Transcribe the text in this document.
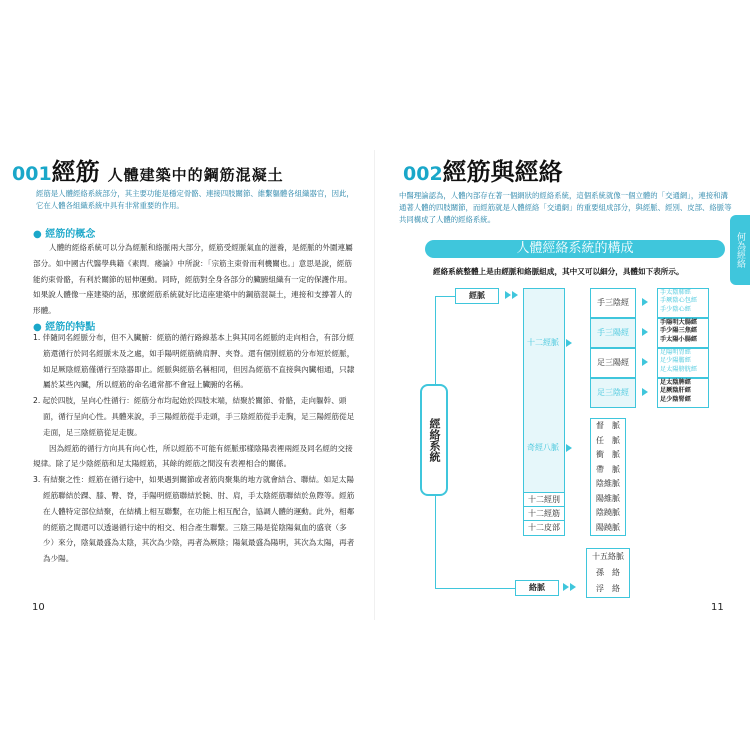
001 經筋 人體建築中的鋼筋混凝土
經筋是人體經絡系統部分，其主要功能是穩定骨骼、連接四肢關節、維繫軀體各組織器官，因此，它在人體各組織系統中具有非常重要的作用。
● 經筋的概念
人體的經絡系統可以分為經脈和絡脈兩大部分，經筋受經脈氣血的滋養，是經脈的外圍連屬部分。如中國古代醫學典籍《素問．痿論》中所說：「宗筋主束骨而利機關也。」意思是說，經筋能約束骨骼，有利於關節的屈伸運動。同時，經筋對全身各部分的臟腑組織有一定的保護作用。如果說人體像一座建築的話，那麼經筋系統就好比這座建築中的鋼筋混凝土，連接和支撐著人的形體。
● 經筋的特點
1. 伴隨同名經脈分布，但不入臟腑：經筋的循行路線基本上與其同名經脈的走向相合，有部分經筋還循行於同名經脈未及之處，如手陽明經筋繞肩胛、夾脊。還有個別經筋的分布短於經脈，如足厥陰經筋僅循行至陰器即止。經脈與經筋名稱相同，但因為經筋不直接與內臟相通，只隸屬於某些內臟，所以經筋的命名通常都不會冠上臟腑的名稱。
2. 起於四肢，呈向心性循行：經筋分布均起始於四肢末端，結聚於關節、骨骼，走向軀幹、頭面，循行呈向心性。具體來說，手三陽經筋從手走頭，手三陰經筋從手走胸，足三陽經筋從足走面，足三陰經筋從足走腹。
因為經筋的循行方向具有向心性，所以經筋不可能有經脈那樣陰陽表裡兩經及同名經的交接規律。除了足少陰經筋和足太陽經筋，其餘的經筋之間沒有表裡相合的關係。
3. 有結聚之性：經筋在循行途中，如果遇到關節或者筋肉聚集的地方就會結合、聯結。如足太陽經筋聯結於踝、膝、臀、脊，手陽明經筋聯結於腕、肘、肩，手太陰經筋聯結於魚際等。經筋在人體特定部位結聚，在結構上相互聯繫，在功能上相互配合，協調人體的運動。此外，相鄰的經筋之間還可以透過循行途中的相交、相合產生聯繫。三陰三陽是從陰陽氣血的盛衰（多少）來分，陰氣最盛為太陰，其次為少陰，再者為厥陰；陽氣最盛為陽明，其次為太陽，再者為少陽。
10
002 經筋與經絡
中醫理論認為，人體內部存在著一個網狀的經絡系統，這個系統就像一個立體的「交通網」，連接和溝通著人體的四肢關節，而經筋就是人體經絡「交通網」的重要組成部分，與經脈、經別、皮部、絡脈等共同構成了人體的經絡系統。
人體經絡系統的構成
經絡系統整體上是由經脈和絡脈組成，其中又可以細分，具體如下表所示。
11
何為經絡
經絡系統
經脈
十二經脈
奇經八脈
十二經別
十二經筋
十二皮部
手三陰經
手三陽經
足三陽經
足三陰經
手太陰肺經
手厥陰心包經
手少陰心經
手陽明大腸經
手少陽三焦經
手太陽小腸經
足陽明胃經
足少陽膽經
足太陽膀胱經
足太陰脾經
足厥陰肝經
足少陰腎經
督　脈
任　脈
衝　脈
帶　脈
陰維脈
陽維脈
陰蹺脈
陽蹺脈
絡脈
十五絡脈
孫　絡
浮　絡
